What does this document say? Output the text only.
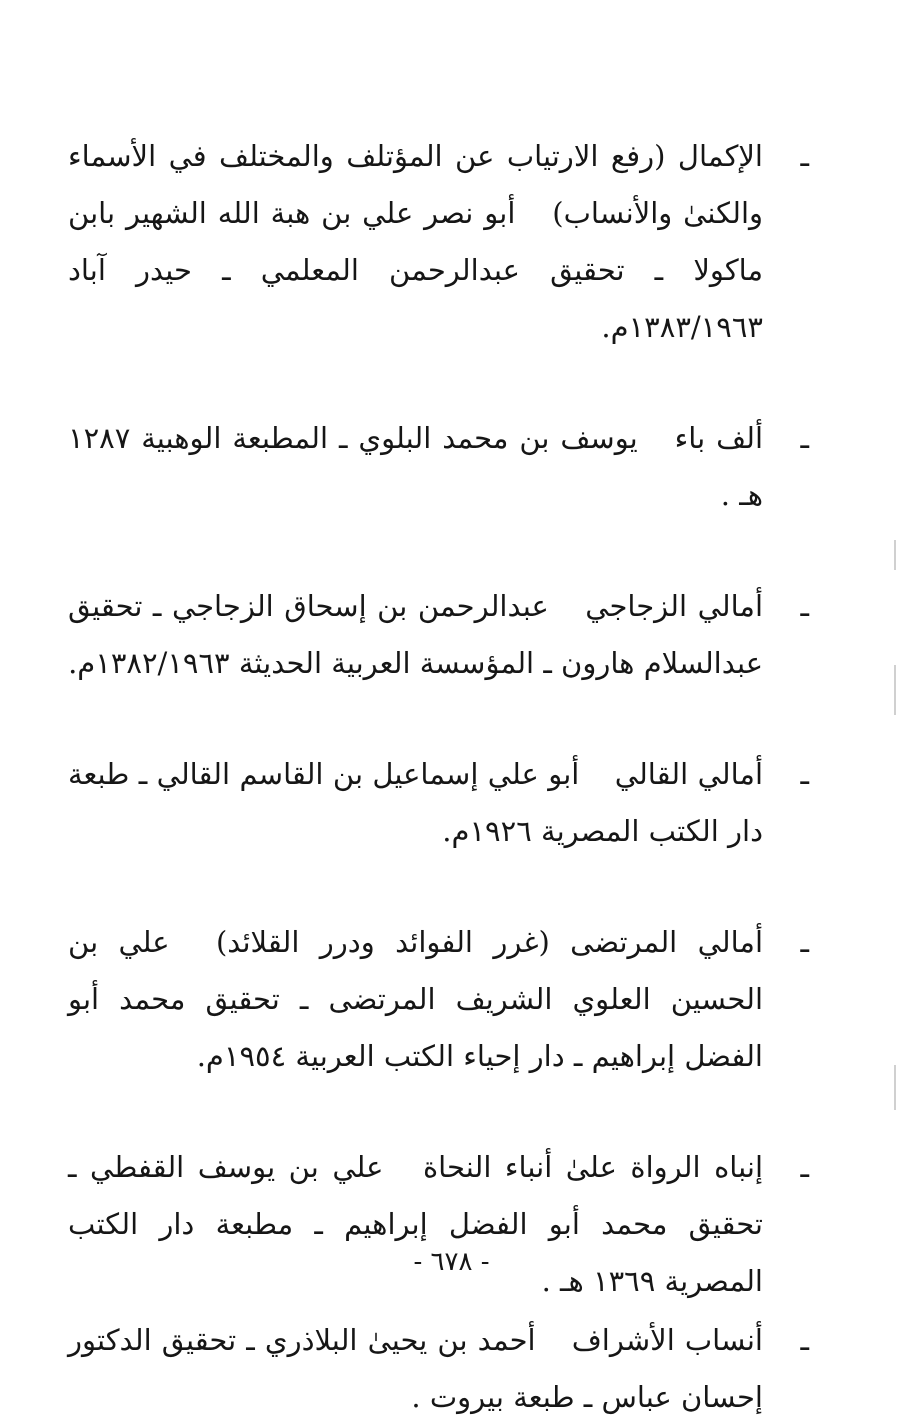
ـ
الإكمال (رفع الارتياب عن المؤتلف والمختلف في الأسماء والكنىٰ والأنساب) أبو نصر علي بن هبة الله الشهير بابن ماكولا ـ تحقيق عبدالرحمن المعلمي ـ حيدر آباد ١٣٨٣/١٩٦٣م.

ـ
ألف باء يوسف بن محمد البلوي ـ المطبعة الوهبية ١٢٨٧ هـ .

ـ
أمالي الزجاجي عبدالرحمن بن إسحاق الزجاجي ـ تحقيق عبدالسلام هارون ـ المؤسسة العربية الحديثة ١٣٨٢/١٩٦٣م.

ـ
أمالي القالي أبو علي إسماعيل بن القاسم القالي ـ طبعة دار الكتب المصرية ١٩٢٦م.

ـ
أمالي المرتضى (غرر الفوائد ودرر القلائد) علي بن الحسين العلوي الشريف المرتضى ـ تحقيق محمد أبو الفضل إبراهيم ـ دار إحياء الكتب العربية ١٩٥٤م.

ـ
إنباه الرواة علىٰ أنباء النحاة علي بن يوسف القفطي ـ تحقيق محمد أبو الفضل إبراهيم ـ مطبعة دار الكتب المصرية ١٣٦٩ هـ .

ـ
أنساب الأشراف أحمد بن يحيىٰ البلاذري ـ تحقيق الدكتور إحسان عباس ـ طبعة بيروت .

- ٦٧٨ -
